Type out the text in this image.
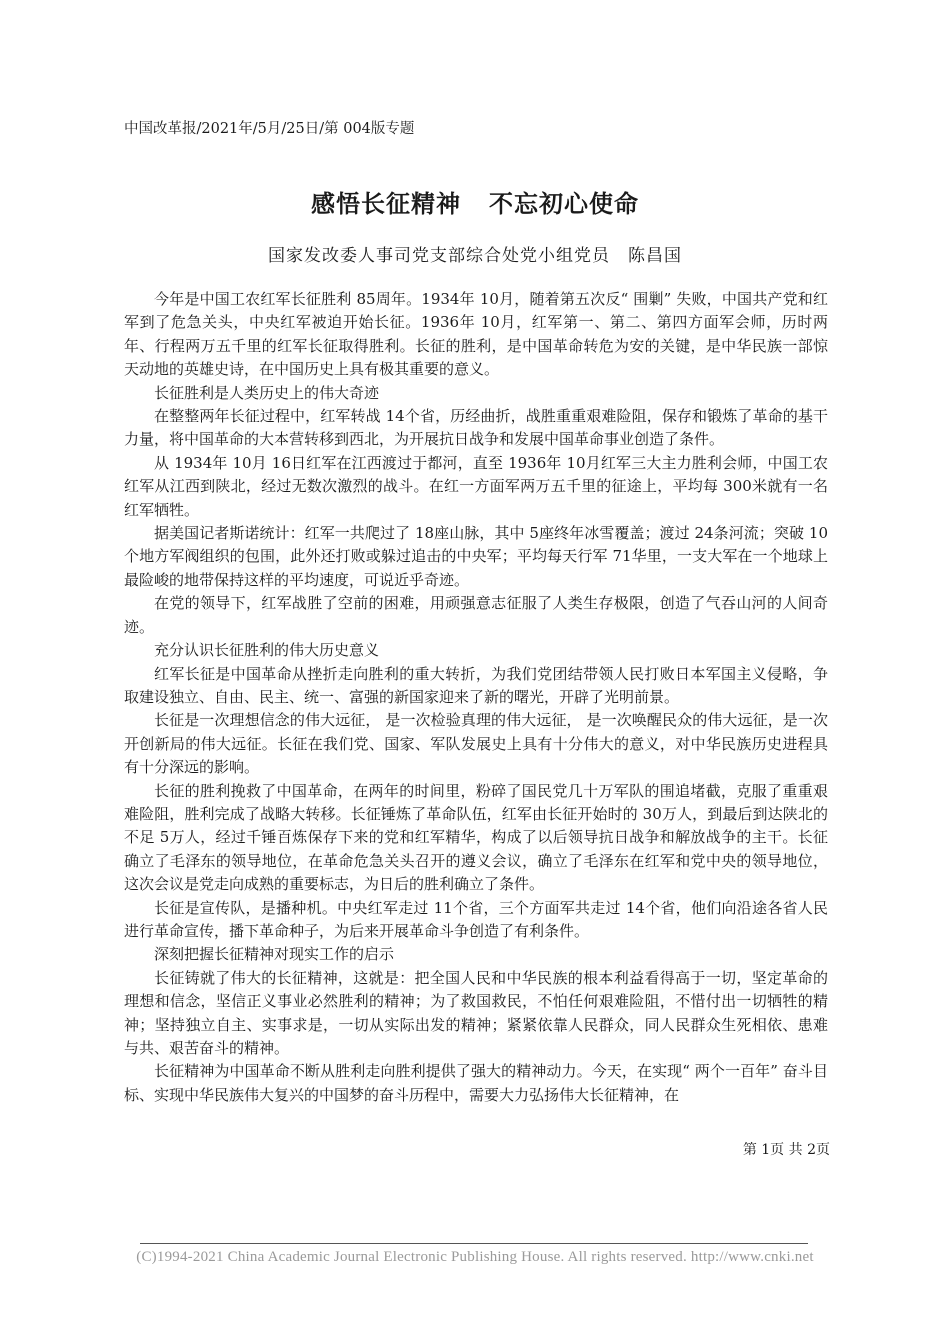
中国改革报/2021年/5月/25日/第 004版专题
感悟长征精神 不忘初心使命
国家发改委人事司党支部综合处党小组党员　陈昌国

今年是中国工农红军长征胜利 85周年。1934年 10月，随着第五次反“ 围剿” 失败，中国共产党和红军到了危急关头，中央红军被迫开始长征。1936年 10月，红军第一、第二、第四方面军会师，历时两年、行程两万五千里的红军长征取得胜利。长征的胜利，是中国革命转危为安的关键，是中华民族一部惊天动地的英雄史诗，在中国历史上具有极其重要的意义。

长征胜利是人类历史上的伟大奇迹

在整整两年长征过程中，红军转战 14个省，历经曲折，战胜重重艰难险阻，保存和锻炼了革命的基干力量，将中国革命的大本营转移到西北，为开展抗日战争和发展中国革命事业创造了条件。

从 1934年 10月 16日红军在江西渡过于都河，直至 1936年 10月红军三大主力胜利会师，中国工农红军从江西到陕北，经过无数次激烈的战斗。在红一方面军两万五千里的征途上，平均每 300米就有一名红军牺牲。

据美国记者斯诺统计：红军一共爬过了 18座山脉，其中 5座终年冰雪覆盖；渡过 24条河流；突破 10个地方军阀组织的包围，此外还打败或躲过追击的中央军；平均每天行军 71华里，一支大军在一个地球上最险峻的地带保持这样的平均速度，可说近乎奇迹。

在党的领导下，红军战胜了空前的困难，用顽强意志征服了人类生存极限，创造了气吞山河的人间奇迹。

充分认识长征胜利的伟大历史意义

红军长征是中国革命从挫折走向胜利的重大转折，为我们党团结带领人民打败日本军国主义侵略，争取建设独立、自由、民主、统一、富强的新国家迎来了新的曙光，开辟了光明前景。

长征是一次理想信念的伟大远征， 是一次检验真理的伟大远征， 是一次唤醒民众的伟大远征，是一次开创新局的伟大远征。长征在我们党、国家、军队发展史上具有十分伟大的意义，对中华民族历史进程具有十分深远的影响。

长征的胜利挽救了中国革命，在两年的时间里，粉碎了国民党几十万军队的围追堵截，克服了重重艰难险阻，胜利完成了战略大转移。长征锤炼了革命队伍，红军由长征开始时的 30万人，到最后到达陕北的不足 5万人，经过千锤百炼保存下来的党和红军精华，构成了以后领导抗日战争和解放战争的主干。长征确立了毛泽东的领导地位，在革命危急关头召开的遵义会议，确立了毛泽东在红军和党中央的领导地位，这次会议是党走向成熟的重要标志，为日后的胜利确立了条件。

长征是宣传队，是播种机。中央红军走过 11个省，三个方面军共走过 14个省，他们向沿途各省人民进行革命宣传，播下革命种子，为后来开展革命斗争创造了有利条件。

深刻把握长征精神对现实工作的启示

长征铸就了伟大的长征精神，这就是：把全国人民和中华民族的根本利益看得高于一切，坚定革命的理想和信念，坚信正义事业必然胜利的精神；为了救国救民，不怕任何艰难险阻，不惜付出一切牺牲的精神；坚持独立自主、实事求是，一切从实际出发的精神；紧紧依靠人民群众，同人民群众生死相依、患难与共、艰苦奋斗的精神。

长征精神为中国革命不断从胜利走向胜利提供了强大的精神动力。今天，在实现“ 两个一百年” 奋斗目标、实现中华民族伟大复兴的中国梦的奋斗历程中，需要大力弘扬伟大长征精神，在

第 1页 共 2页
(C)1994-2021 China Academic Journal Electronic Publishing House. All rights reserved. http://www.cnki.net
